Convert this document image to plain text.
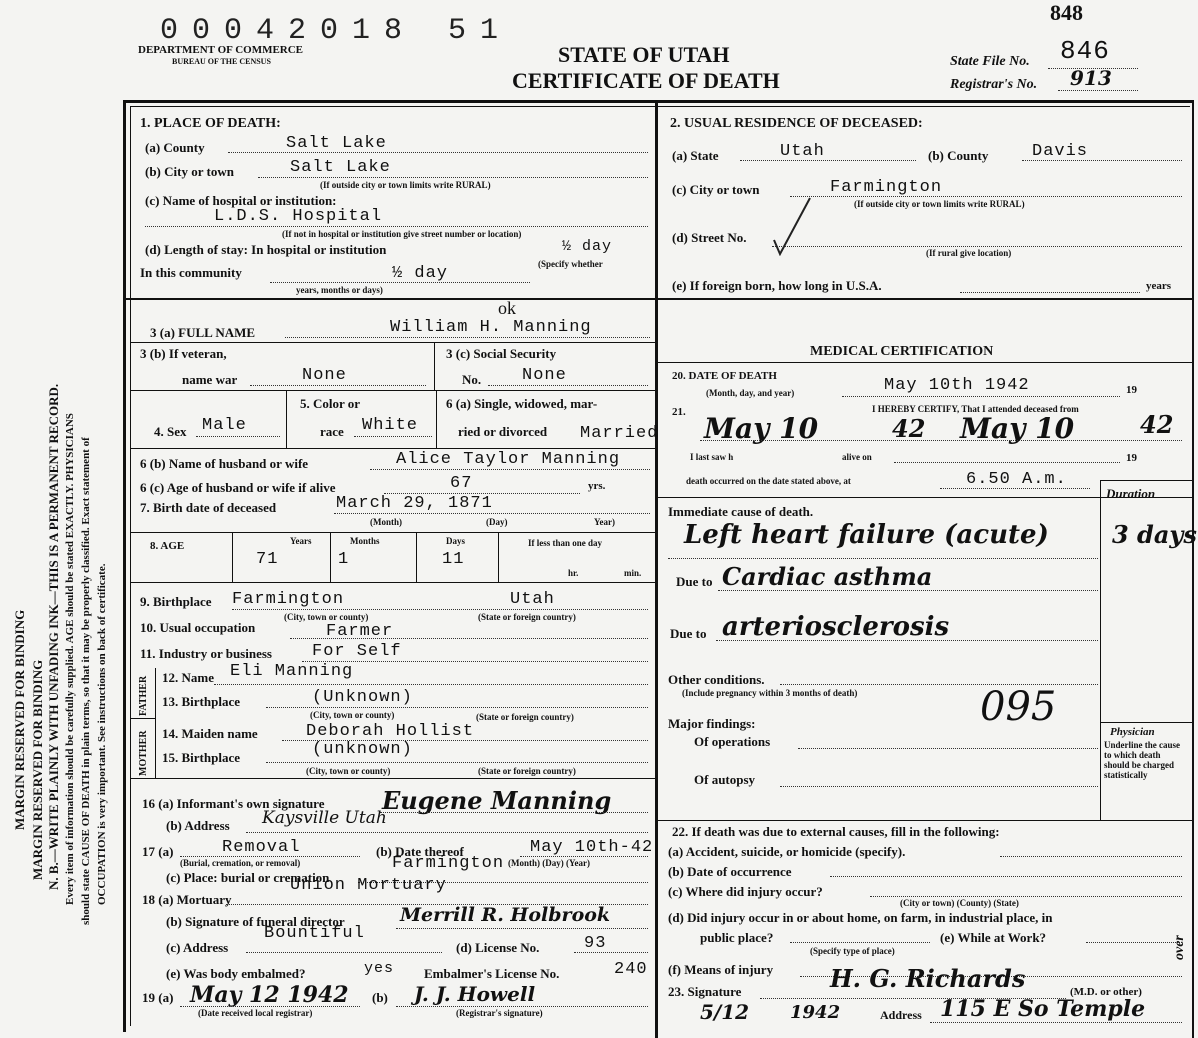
00042018 51
848
DEPARTMENT OF COMMERCE
BUREAU OF THE CENSUS	STATE OF UTAH
CERTIFICATE OF DEATH
State File No. 846
Registrar's No. 913
MARGIN RESERVED FOR BINDING MARGIN RESERVED FOR BINDING N. B.—WRITE PLAINLY WITH UNFADING INK—THIS IS A PERMANENT RECORD. Every item of information should be carefully supplied. AGE should be stated EXACTLY. PHYSICIANS should state CAUSE OF DEATH in plain terms, so that it may be properly classified. Exact statement of OCCUPATION is very important. See instructions on back of certificate.
1. PLACE OF DEATH:
(a) County	Salt Lake
(b) City or town	Salt Lake
(If outside city or town limits write RURAL)
(c) Name of hospital or institution:
L.D.S. Hospital
(If not in hospital or institution give street number or location)
(d) Length of stay: In hospital or institution	½ day
(Specify whether
In this community	½ day
years, months or days)
2. USUAL RESIDENCE OF DECEASED:
(a) State	Utah	(b) County	Davis
(c) City or town	Farmington
(If outside city or town limits write RURAL)
(d) Street No.
(If rural give location)
(e) If foreign born, how long in U.S.A.	years
ok
3 (a) FULL NAME	William H. Manning
3 (b) If veteran,
name war	None
3 (c) Social Security
No. None
4. Sex Male
5. Color or
race White
6 (a) Single, widowed, mar-
ried or divorced Married
6 (b) Name of husband or wife	Alice Taylor Manning
6 (c) Age of husband or wife if alive	67	yrs.
7. Birth date of deceased	March 29, 1871
(Month)	(Day)	Year)
8. AGE	Years	Months	Days	If less than one day
71	1	11
hr.	min.
9. Birthplace Farmington	Utah
(City, town or county)	(State or foreign country)
10. Usual occupation	Farmer
11. Industry or business For Self
FATHER
MOTHER
12. Name Eli Manning
13. Birthplace	(Unknown)
(City, town or county)	(State or foreign country)
14. Maiden name	Deborah Hollist
15. Birthplace	(unknown)
(City, town or county)	(State or foreign country)
16 (a) Informant's own signature Eugene Manning
(b) Address Kaysville Utah
17 (a)	Removal
(Burial, cremation, or removal)
(b) Date thereof	May 10th-42
(Month) (Day) (Year)
(c) Place: burial or cremation
Farmington
18 (a) Mortuary
Union Mortuary
(b) Signature of funeral director	Merrill R. Holbrook
(c) Address
Bountiful
(d) License No.	93
(e) Was body embalmed?	yes Embalmer's License No.	240
19 (a) May 12 1942
(Date received local registrar)
(b) J. J. Howell
(Registrar's signature)
MEDICAL CERTIFICATION
20. DATE OF DEATH
(Month, day, and year)	May 10th 1942	19
21.	I HEREBY CERTIFY, That I attended deceased from
May 10	42 May 10	42
I last saw h	alive on	19
death occurred on the date stated above, at	6.50 A.m.
Duration
Immediate cause of death.
Left heart failure (acute)	3 days
Due to Cardiac asthma
Due to arteriosclerosis
Other conditions.
(Include pregnancy within 3 months of death)
Major findings:
Of operations
Of autopsy
095
Physician
Underline the cause to which death should be charged statistically
22. If death was due to external causes, fill in the following:
(a) Accident, suicide, or homicide (specify).
(b) Date of occurrence
(c) Where did injury occur?
(City or town) (County) (State)
(d) Did injury occur in or about home, on farm, in industrial place, in
public place?
(Specify type of place)
(e) While at Work?
(f) Means of injury
23. Signature	H. G. Richards	(M.D. or other)
5/12 1942	Address 115 E So Temple
over
